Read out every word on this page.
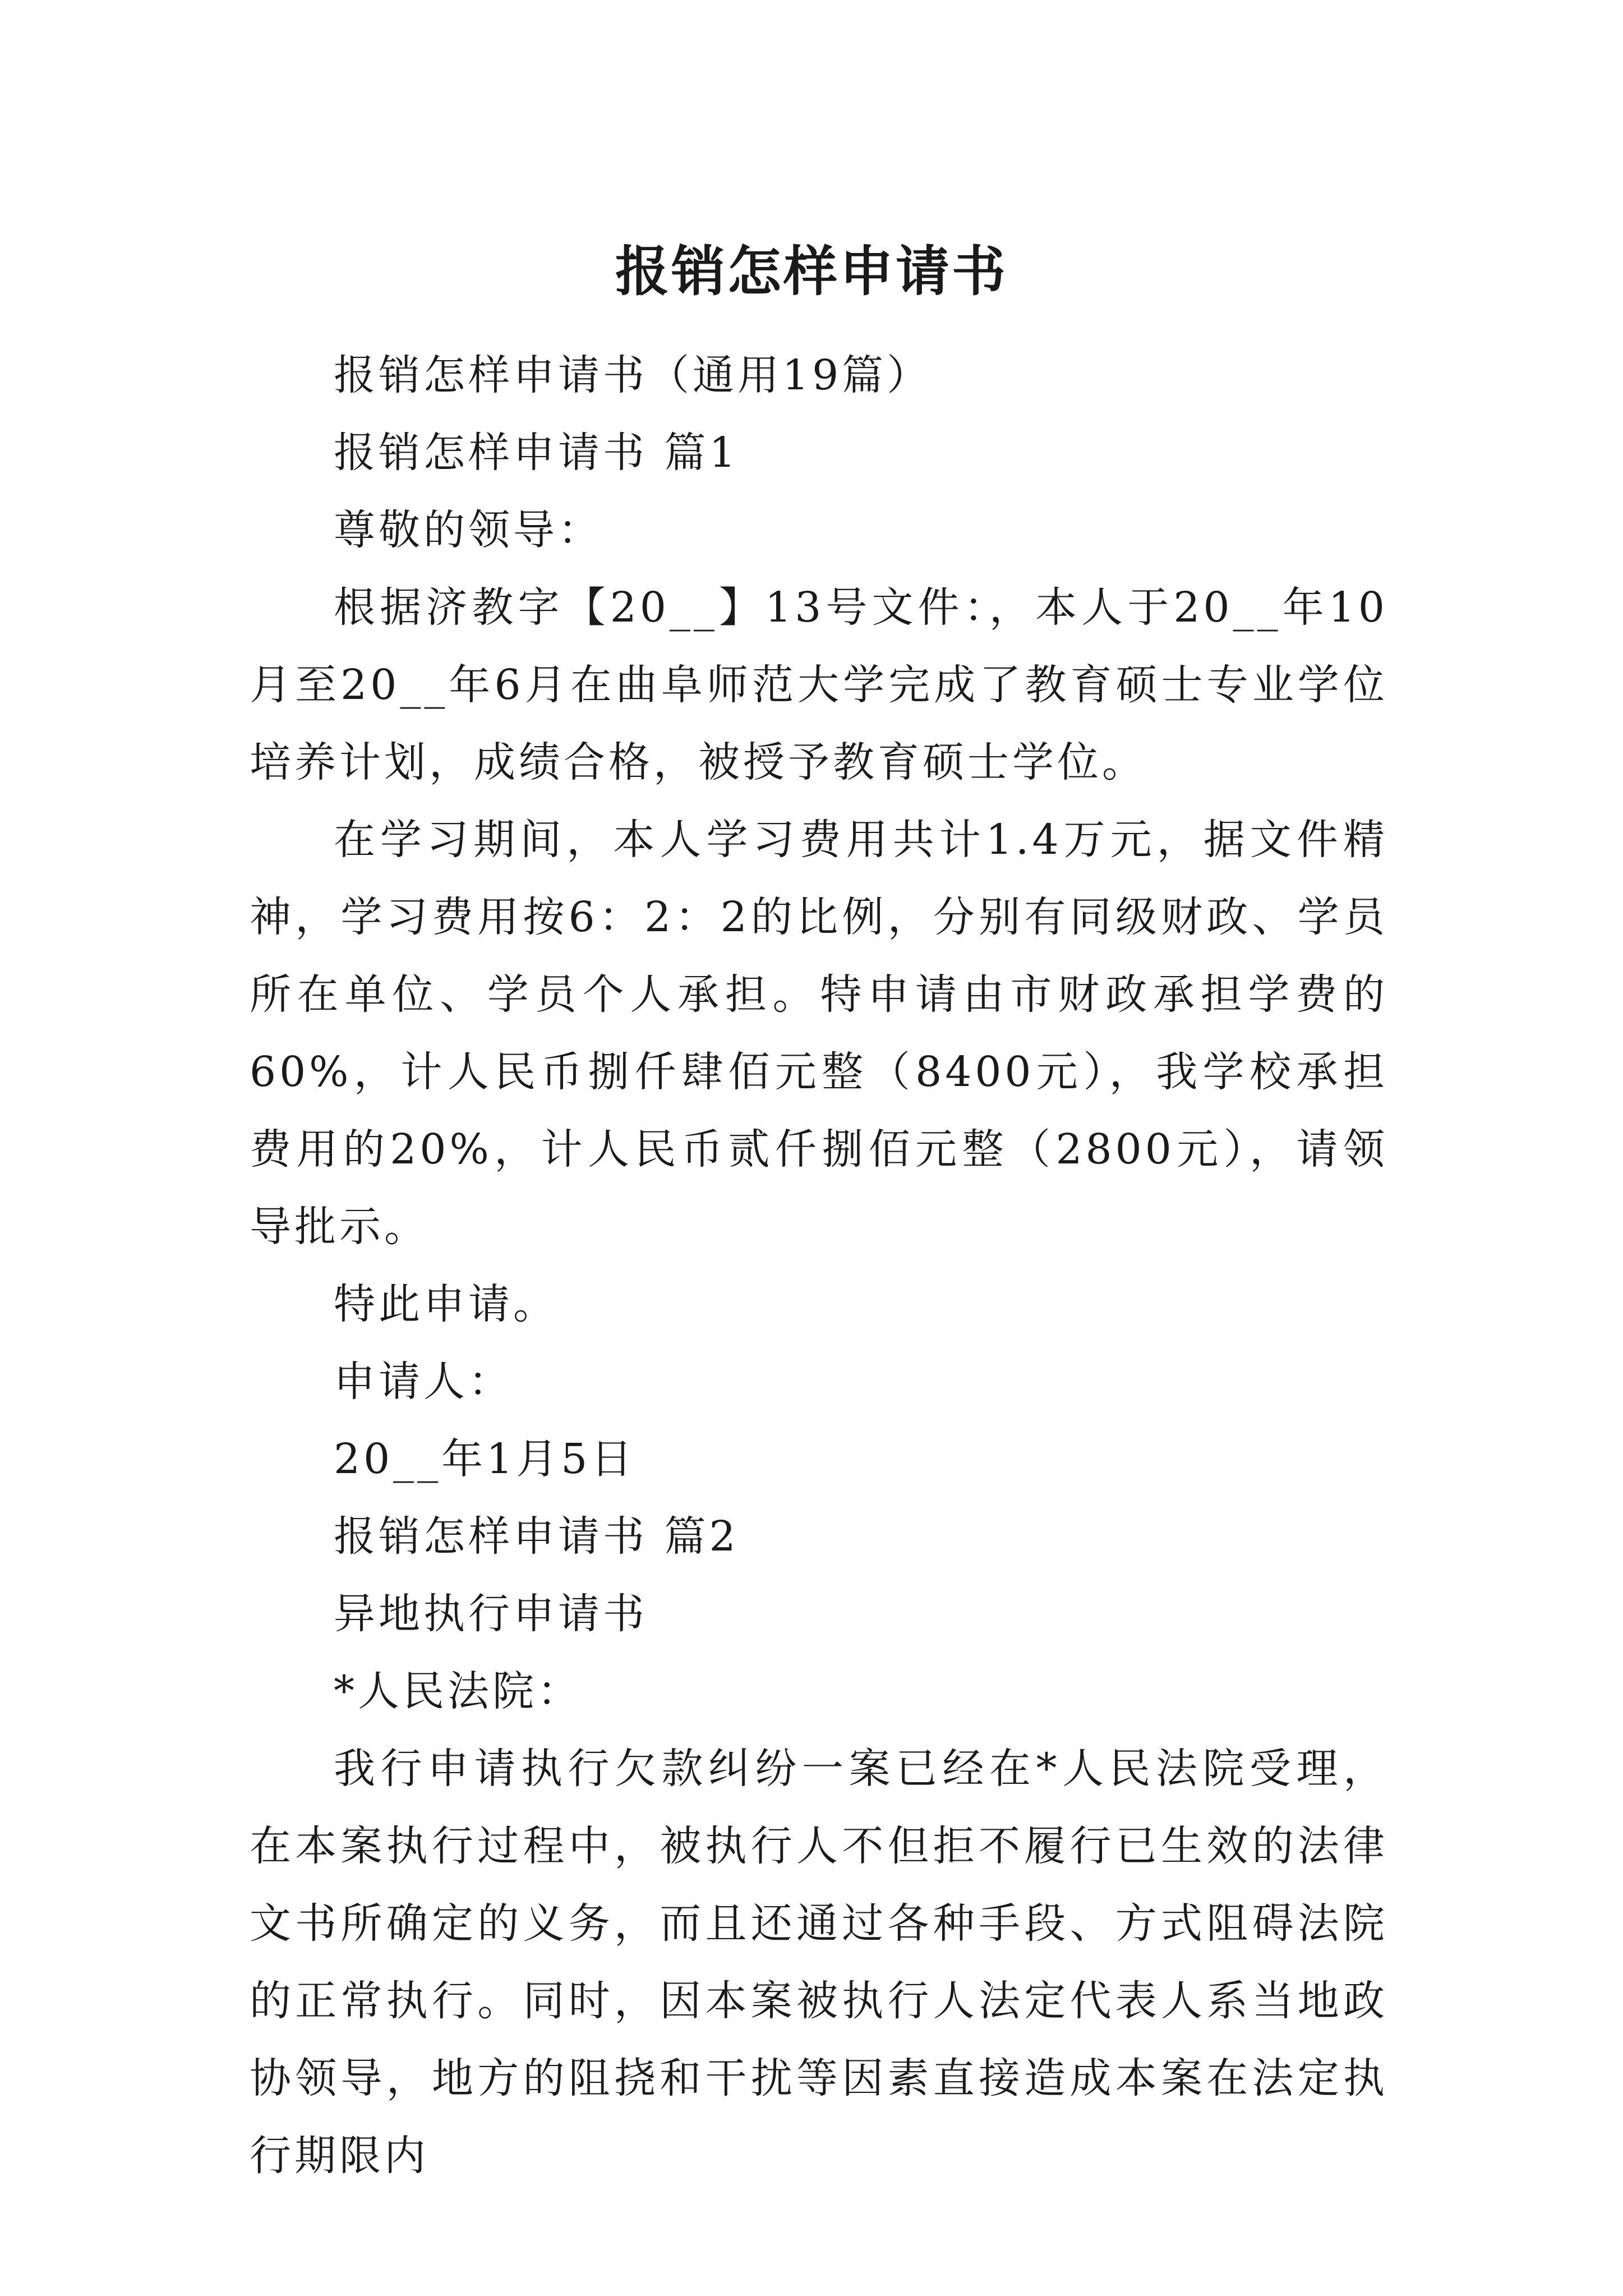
报销怎样申请书

报销怎样申请书（通用19篇）

报销怎样申请书 篇1

尊敬的领导：

根据济教字【20__】13号文件：，本人于20__年10月至20__年6月在曲阜师范大学完成了教育硕士专业学位培养计划，成绩合格，被授予教育硕士学位。

在学习期间，本人学习费用共计1.4万元，据文件精神，学习费用按6：2：2的比例，分别有同级财政、学员所在单位、学员个人承担。特申请由市财政承担学费的60%，计人民币捌仟肆佰元整（8400元），我学校承担费用的20%，计人民币贰仟捌佰元整（2800元），请领导批示。

特此申请。

申请人：

20__年1月5日

报销怎样申请书 篇2

异地执行申请书

*人民法院：

我行申请执行欠款纠纷一案已经在*人民法院受理，在本案执行过程中，被执行人不但拒不履行已生效的法律文书所确定的义务，而且还通过各种手段、方式阻碍法院的正常执行。同时，因本案被执行人法定代表人系当地政协领导，地方的阻挠和干扰等因素直接造成本案在法定执行期限内
